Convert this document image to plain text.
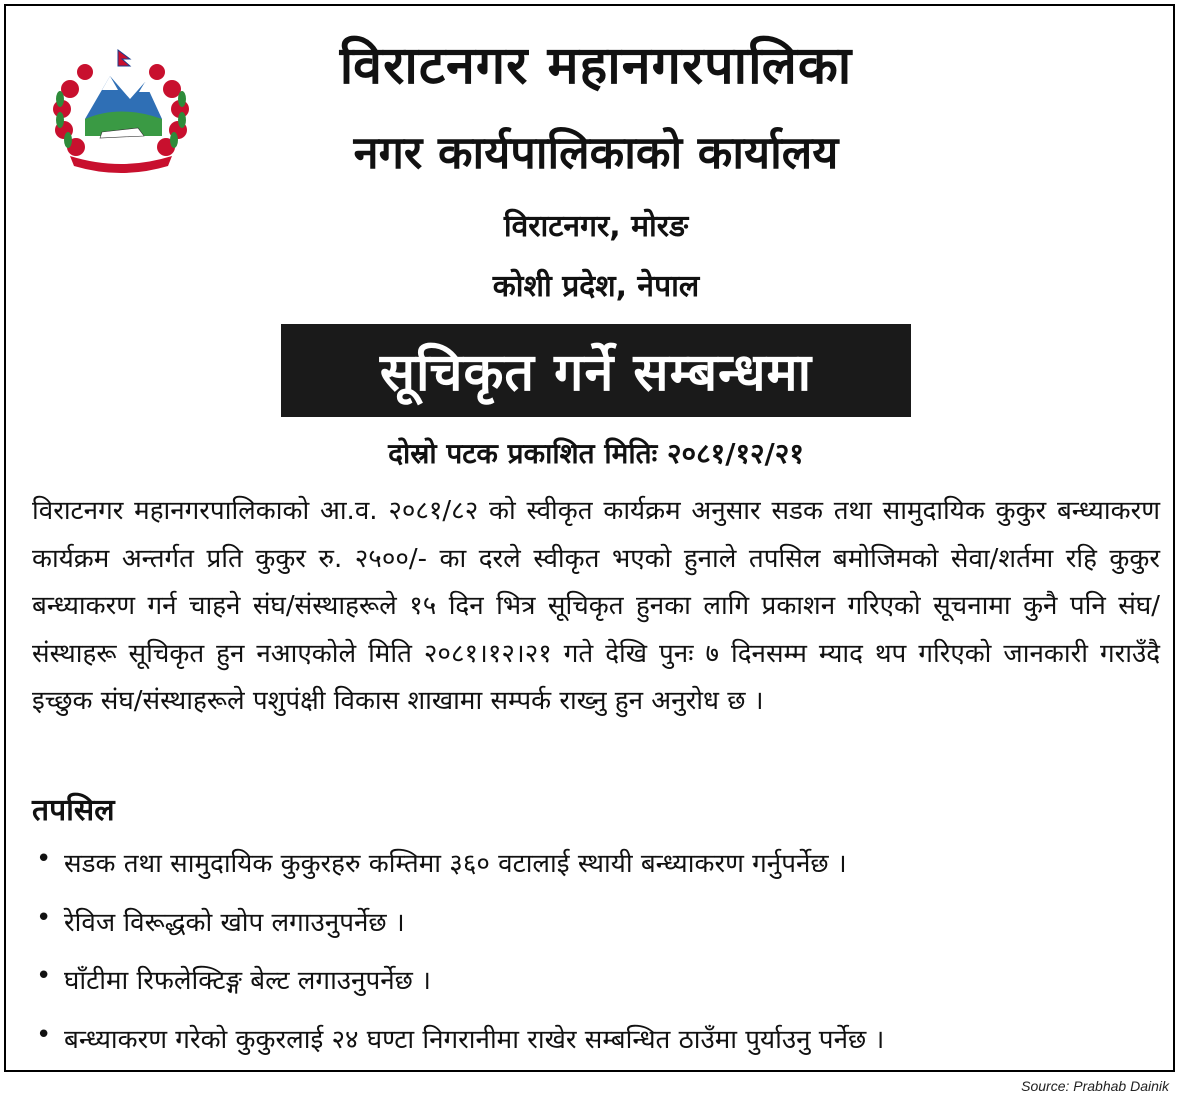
विराटनगर महानगरपालिका
नगर कार्यपालिकाको कार्यालय
विराटनगर, मोरङ
कोशी प्रदेश, नेपाल
सूचिकृत गर्ने सम्बन्धमा
दोस्रो पटक प्रकाशित मितिः २०८१/१२/२१
विराटनगर महानगरपालिकाको आ.व. २०८१/८२ को स्वीकृत कार्यक्रम अनुसार सडक तथा सामुदायिक कुकुर बन्ध्याकरण कार्यक्रम अन्तर्गत प्रति कुकुर रु. २५००/- का दरले स्वीकृत भएको हुनाले तपसिल बमोजिमको सेवा/शर्तमा रहि कुकुर बन्ध्याकरण गर्न चाहने संघ/संस्थाहरूले १५ दिन भित्र सूचिकृत हुनका लागि प्रकाशन गरिएको सूचनामा कुनै पनि संघ/संस्थाहरू सूचिकृत हुन नआएकोले मिति २०८१।१२।२१ गते देखि पुनः ७ दिनसम्म म्याद थप गरिएको जानकारी गराउँदै इच्छुक संघ/संस्थाहरूले पशुपंक्षी विकास शाखामा सम्पर्क राख्नु हुन अनुरोध छ ।
तपसिल
• सडक तथा सामुदायिक कुकुरहरु कम्तिमा ३६० वटालाई स्थायी बन्ध्याकरण गर्नुपर्नेछ ।
• रेविज विरूद्धको खोप लगाउनुपर्नेछ ।
• घाँटीमा रिफलेक्टिङ्ग बेल्ट लगाउनुपर्नेछ ।
• बन्ध्याकरण गरेको कुकुरलाई २४ घण्टा निगरानीमा राखेर सम्बन्धित ठाउँमा पुर्याउनु पर्नेछ ।
Source: Prabhab Dainik
